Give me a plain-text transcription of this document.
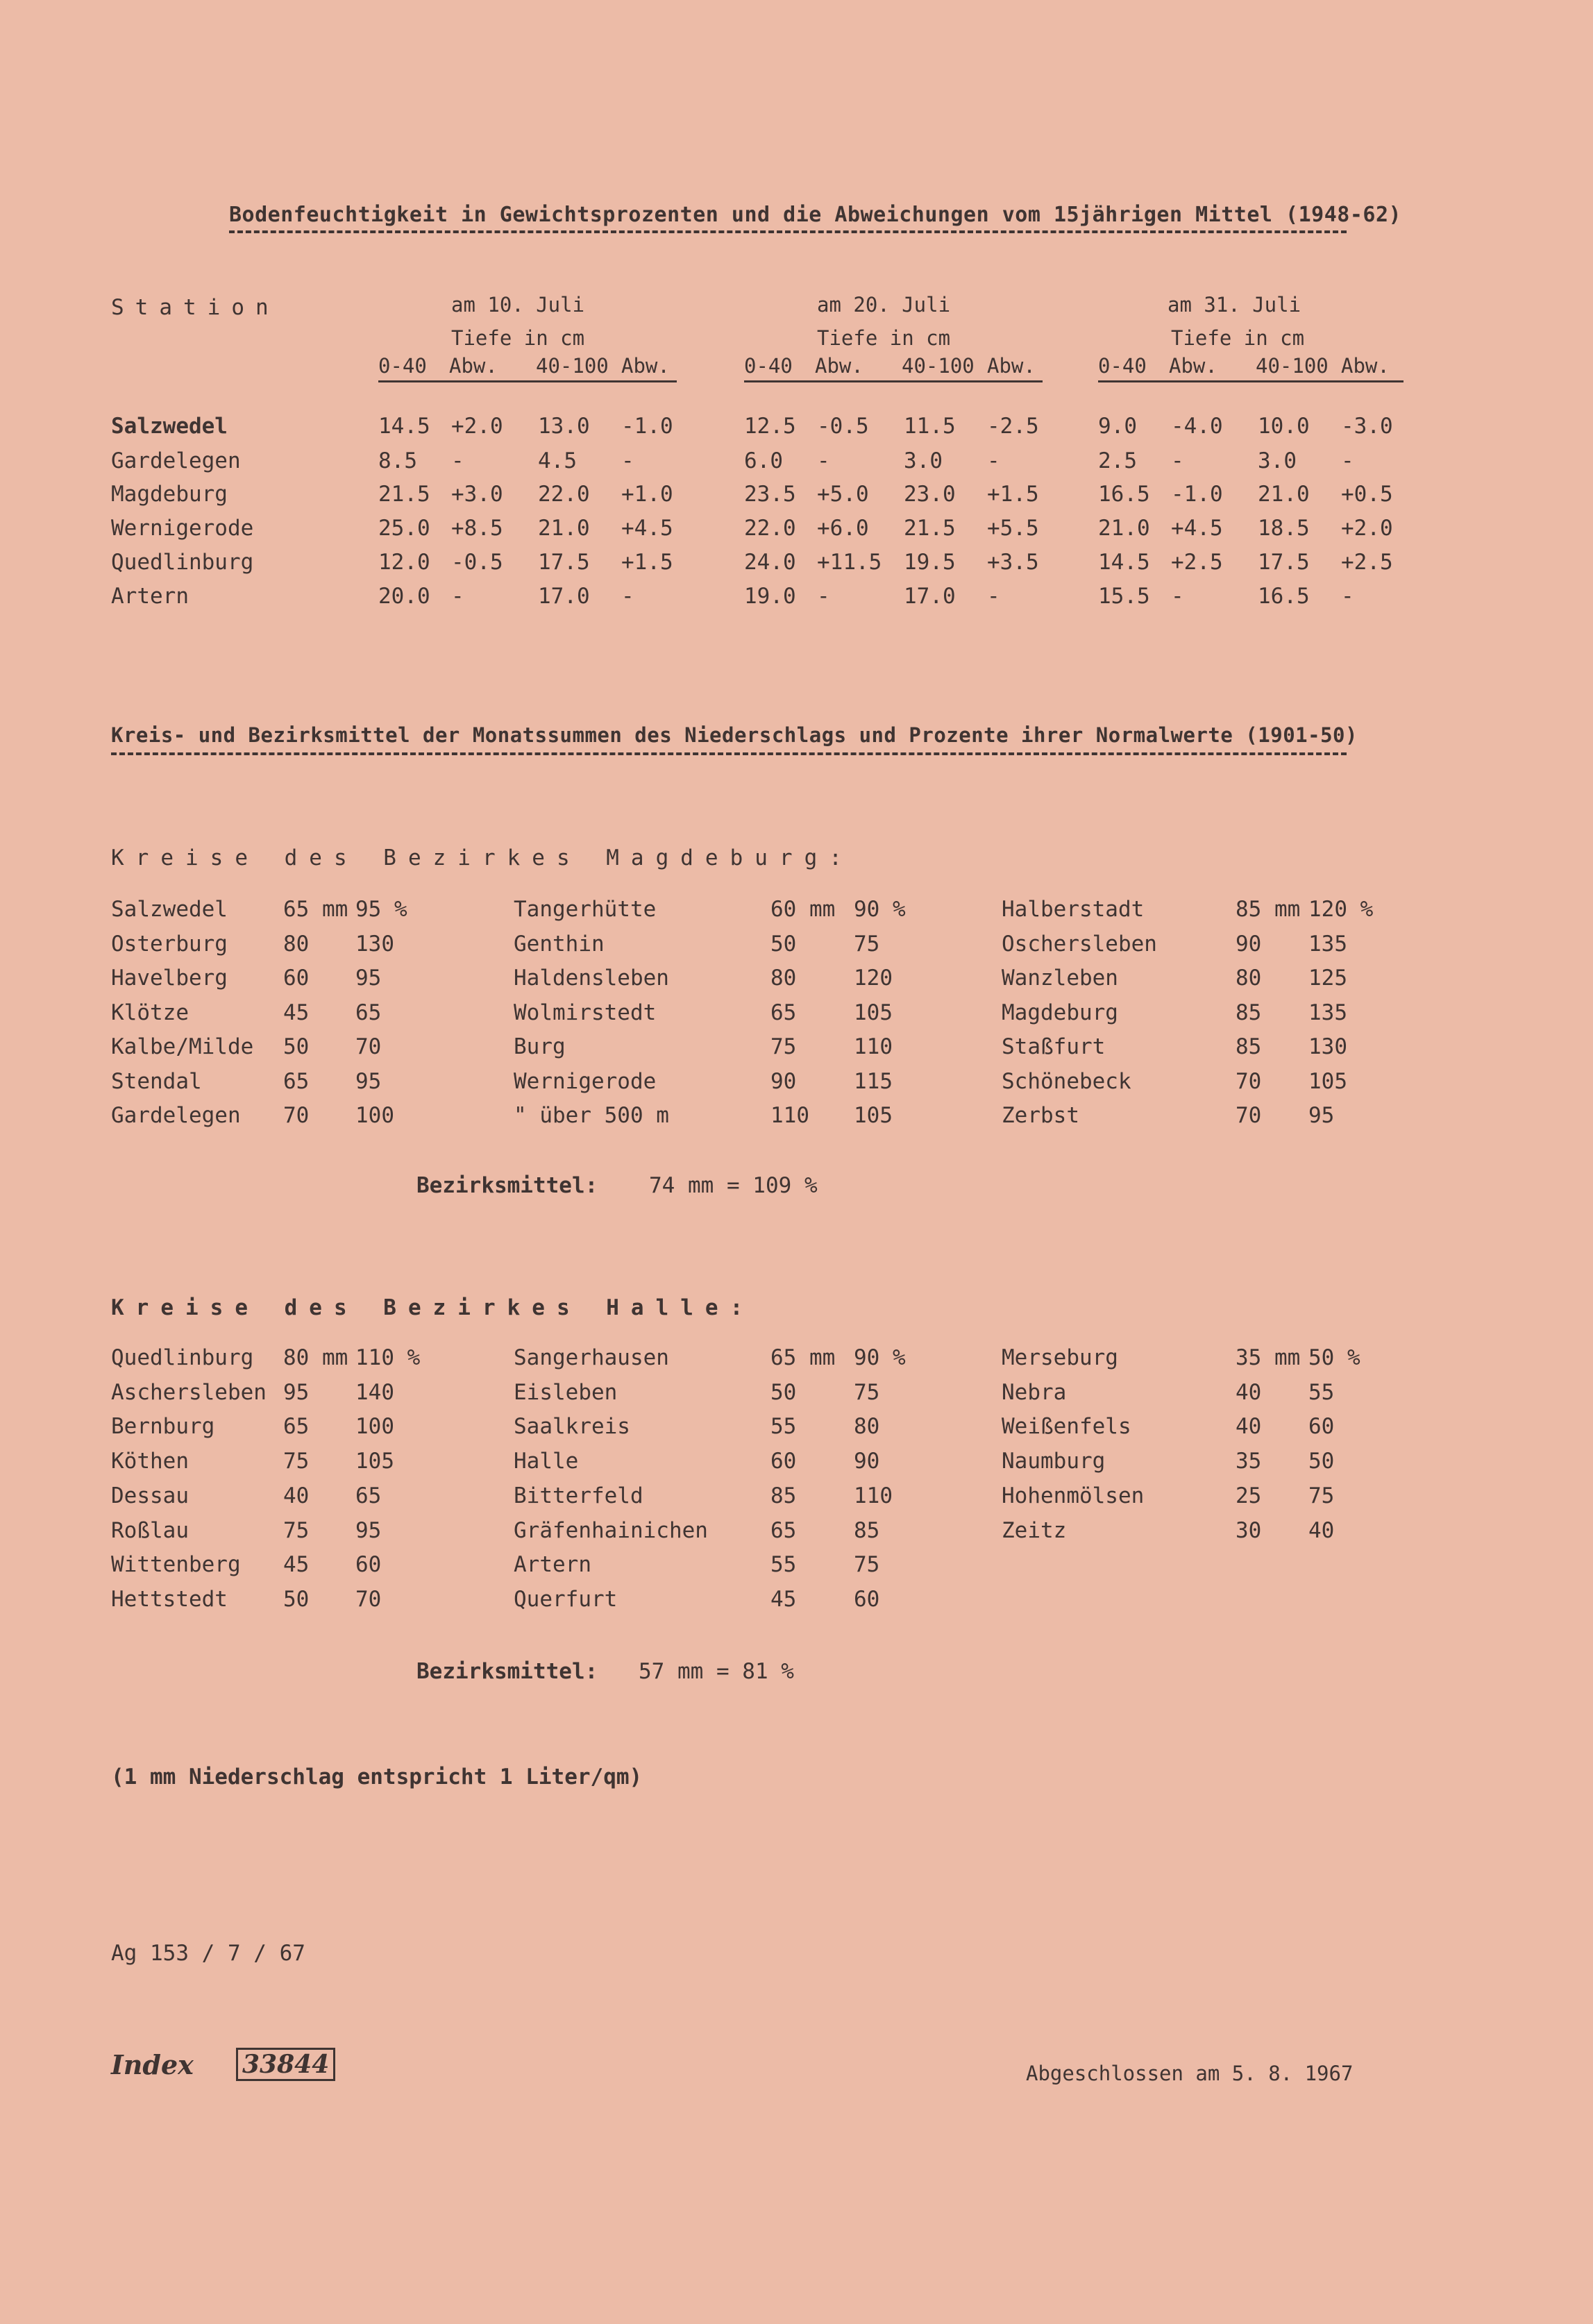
Bodenfeuchtigkeit in Gewichtsprozenten und die Abweichungen vom 15jährigen Mittel (1948-62)
Station	am 10. Juli
Tiefe in cm
0-40 Abw. 40-100 Abw.
am 20. Juli
Tiefe in cm
0-40 Abw. 40-100 Abw.
am 31. Juli
Tiefe in cm
0-40 Abw. 40-100 Abw.
Salzwedel	14.5 +2.0 13.0 -1.0	12.5 -0.5 11.5 -2.5	9.0 -4.0 10.0 -3.0
Gardelegen	8.5 -	4.5 -	6.0 -	3.0 -	2.5 -	3.0 -
Magdeburg	21.5 +3.0 22.0 +1.0	23.5 +5.0 23.0 +1.5	16.5 -1.0 21.0 +0.5
Wernigerode	25.0 +8.5 21.0 +4.5	22.0 +6.0 21.5 +5.5	21.0 +4.5 18.5 +2.0
Quedlinburg	12.0 -0.5 17.5 +1.5	24.0 +11.5 19.5 +3.5	14.5 +2.5 17.5 +2.5
Artern	20.0 -	17.0 -	19.0 -	17.0 -	15.5 -	16.5 -
Kreis- und Bezirksmittel der Monatssummen des Niederschlags und Prozente ihrer Normalwerte (1901-50)
Kreise des Bezirkes Magdeburg:
Salzwedel	65 mm 95 %
Osterburg	80 130
Havelberg	60 95
Klötze	45 65
Kalbe/Milde 50 70
Stendal	65 95
Gardelegen 70 100
Tangerhütte	60 mm 90 %
Genthin	50	75
Haldensleben	80	120
Wolmirstedt	65	105
Burg	75	110
Wernigerode	90	115
" über 500 m	110 105
Halberstadt	85 mm 120 %
Oschersleben	90 135
Wanzleben	80 125
Magdeburg	85 135
Staßfurt	85 130
Schönebeck	70 105
Zerbst	70 95
Bezirksmittel: 74 mm = 109 %
Kreise des Bezirkes Halle:
Quedlinburg 80 mm 110 %
Aschersleben 95 140
Bernburg	65 100
Köthen	75 105
Dessau	40 65
Roßlau	75 95
Wittenberg 45 60
Hettstedt	50 70
Sangerhausen	65 mm 90 %
Eisleben	50	75
Saalkreis	55	80
Halle	60	90
Bitterfeld	85	110
Gräfenhainichen	65	85
Artern	55	75
Querfurt	45	60
Merseburg	35 mm 50 %
Nebra	40 55
Weißenfels	40 60
Naumburg	35 50
Hohenmölsen	25 75
Zeitz	30 40
Bezirksmittel: 57 mm = 81 %
(1 mm Niederschlag entspricht 1 Liter/qm)
Ag 153 / 7 / 67
Index 33844	Abgeschlossen am 5. 8. 1967
